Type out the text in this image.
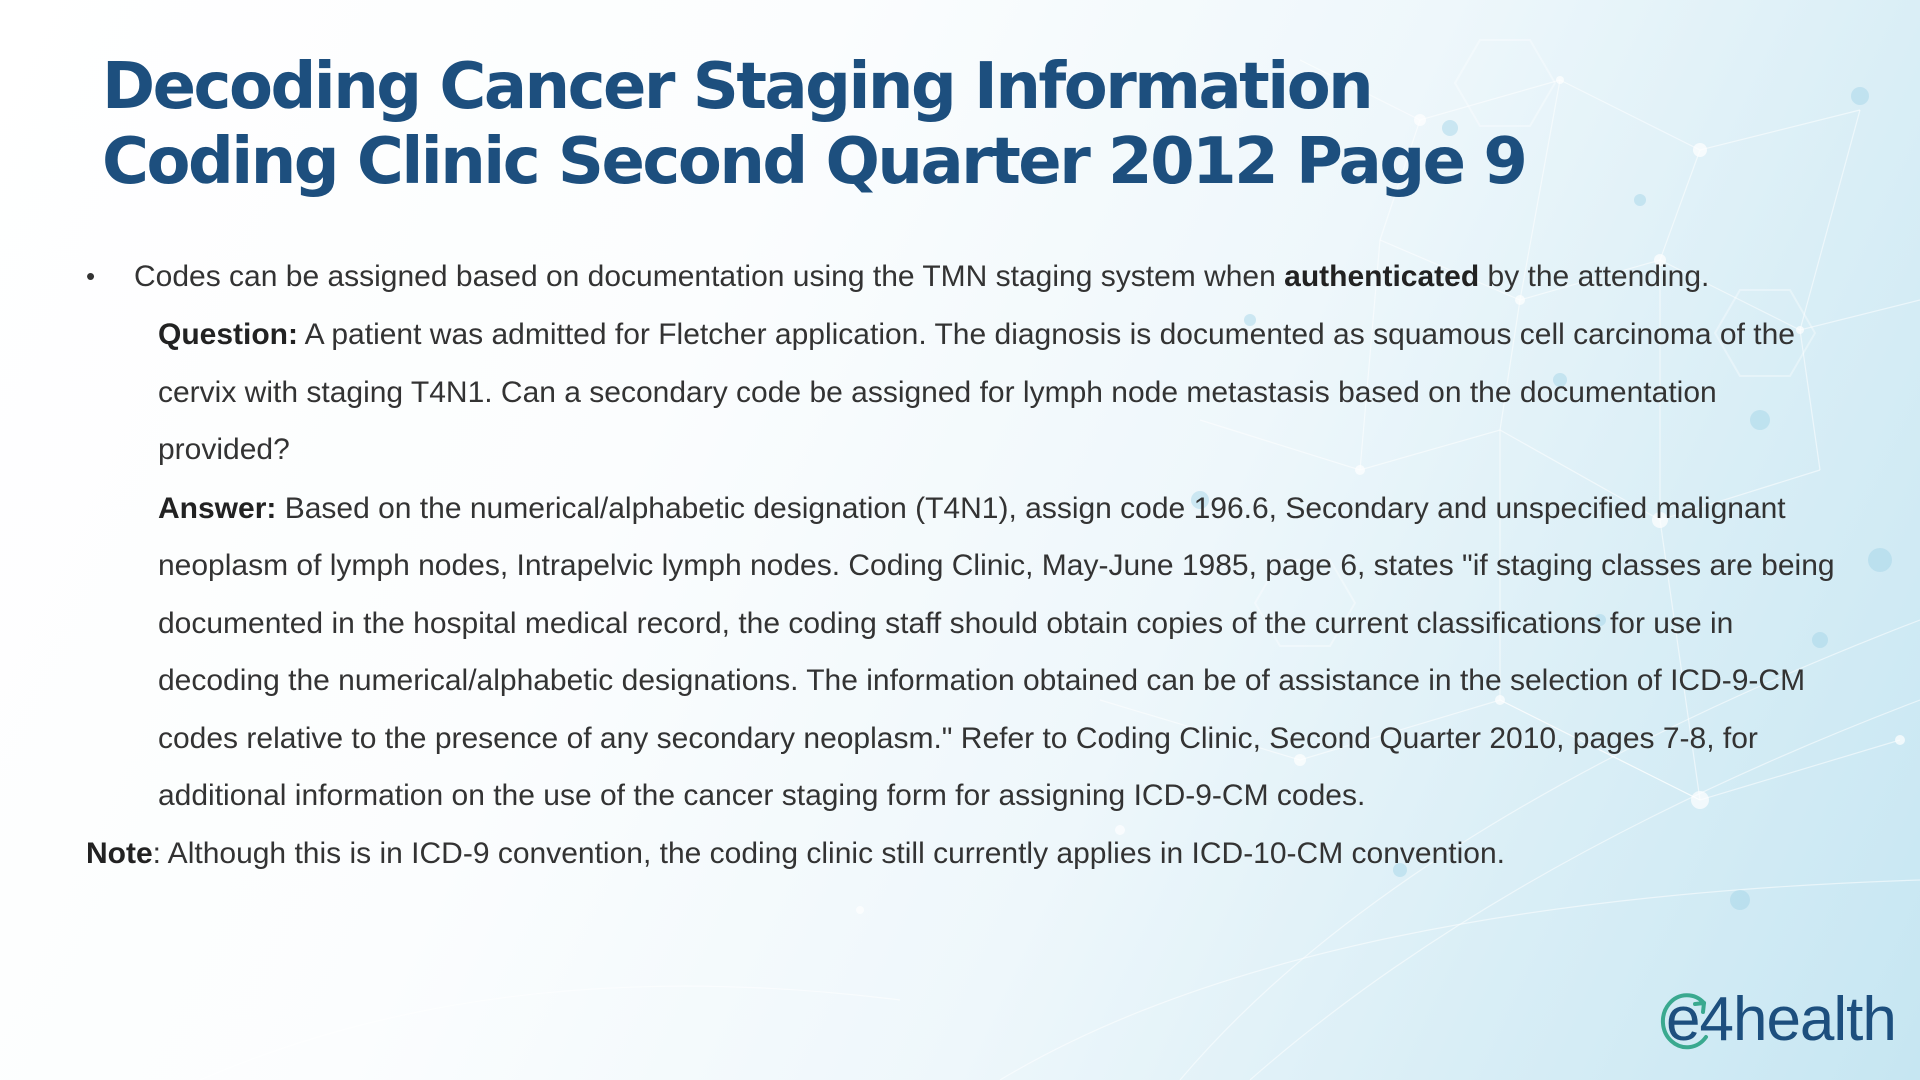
Decoding Cancer Staging Information
Coding Clinic Second Quarter 2012 Page 9
• Codes can be assigned based on documentation using the TMN staging system when authenticated by the attending.
Question: A patient was admitted for Fletcher application. The diagnosis is documented as squamous cell carcinoma of the cervix with staging T4N1. Can a secondary code be assigned for lymph node metastasis based on the documentation provided?
Answer: Based on the numerical/alphabetic designation (T4N1), assign code 196.6, Secondary and unspecified malignant neoplasm of lymph nodes, Intrapelvic lymph nodes. Coding Clinic, May-June 1985, page 6, states "if staging classes are being documented in the hospital medical record, the coding staff should obtain copies of the current classifications for use in decoding the numerical/alphabetic designations. The information obtained can be of assistance in the selection of ICD-9-CM codes relative to the presence of any secondary neoplasm." Refer to Coding Clinic, Second Quarter 2010, pages 7-8, for additional information on the use of the cancer staging form for assigning ICD-9-CM codes.
Note: Although this is in ICD-9 convention, the coding clinic still currently applies in ICD-10-CM convention.
e4health
